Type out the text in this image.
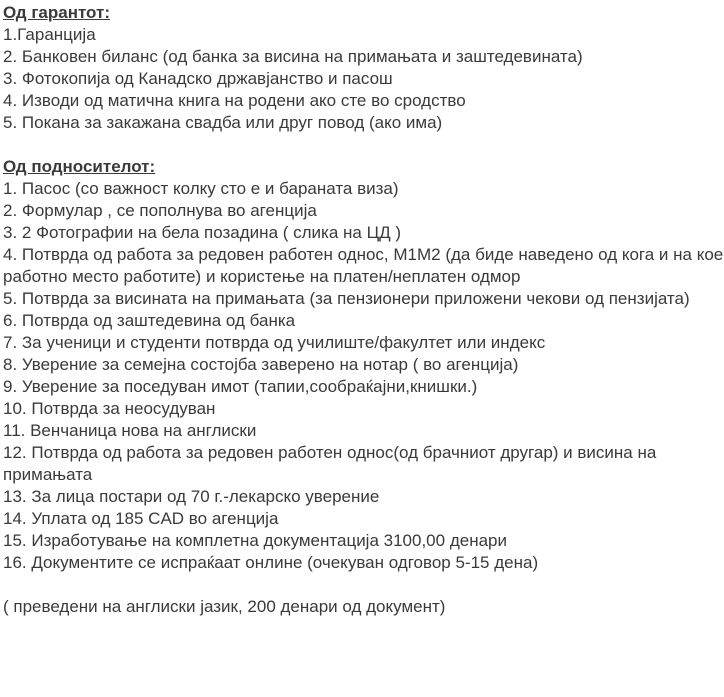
Од гарантот:

1.Гаранција
2. Банковен биланс (од банка за висина на примањата и заштедевината)
3. Фотокопија од Канадско државјанство и пасош
4. Изводи од матична книга на родени ако сте во сродство
5. Покана за закажана свадба или друг повод (ако има)

Од подносителот:

1. Пасос (со важност колку сто е и бараната виза)
2. Формулар , се пополнува во агенција
3. 2 Фотографии на бела позадина ( слика на ЦД )
4. Потврда од работа за редовен работен однос, М1М2 (да биде наведено од кога и на кое работно место работите) и користење на платен/неплатен одмор
5. Потврда за висината на примањата (за пензионери приложени чекови од пензијата)
6. Потврда од заштедевина од банка
7. За ученици и студенти потврда од училиште/факултет или индекс
8. Уверение за семејна состојба заверено на нотар ( во агенција)
9. Уверение за поседуван имот (тапии,сообраќајни,книшки.)
10. Потврда за неосудуван
11. Венчаница нова на англиски
12. Потврда од работа за редовен работен однос(од брачниот другар) и висина на примањата
13. За лица постари од 70 г.-лекарско уверение
14. Уплата од 185 CAD во агенција
15. Изработување на комплетна документација 3100,00 денари
16. Документите се испраќаат онлине (очекуван одговор 5-15 дена)

( преведени на англиски јазик, 200 денари од документ)
